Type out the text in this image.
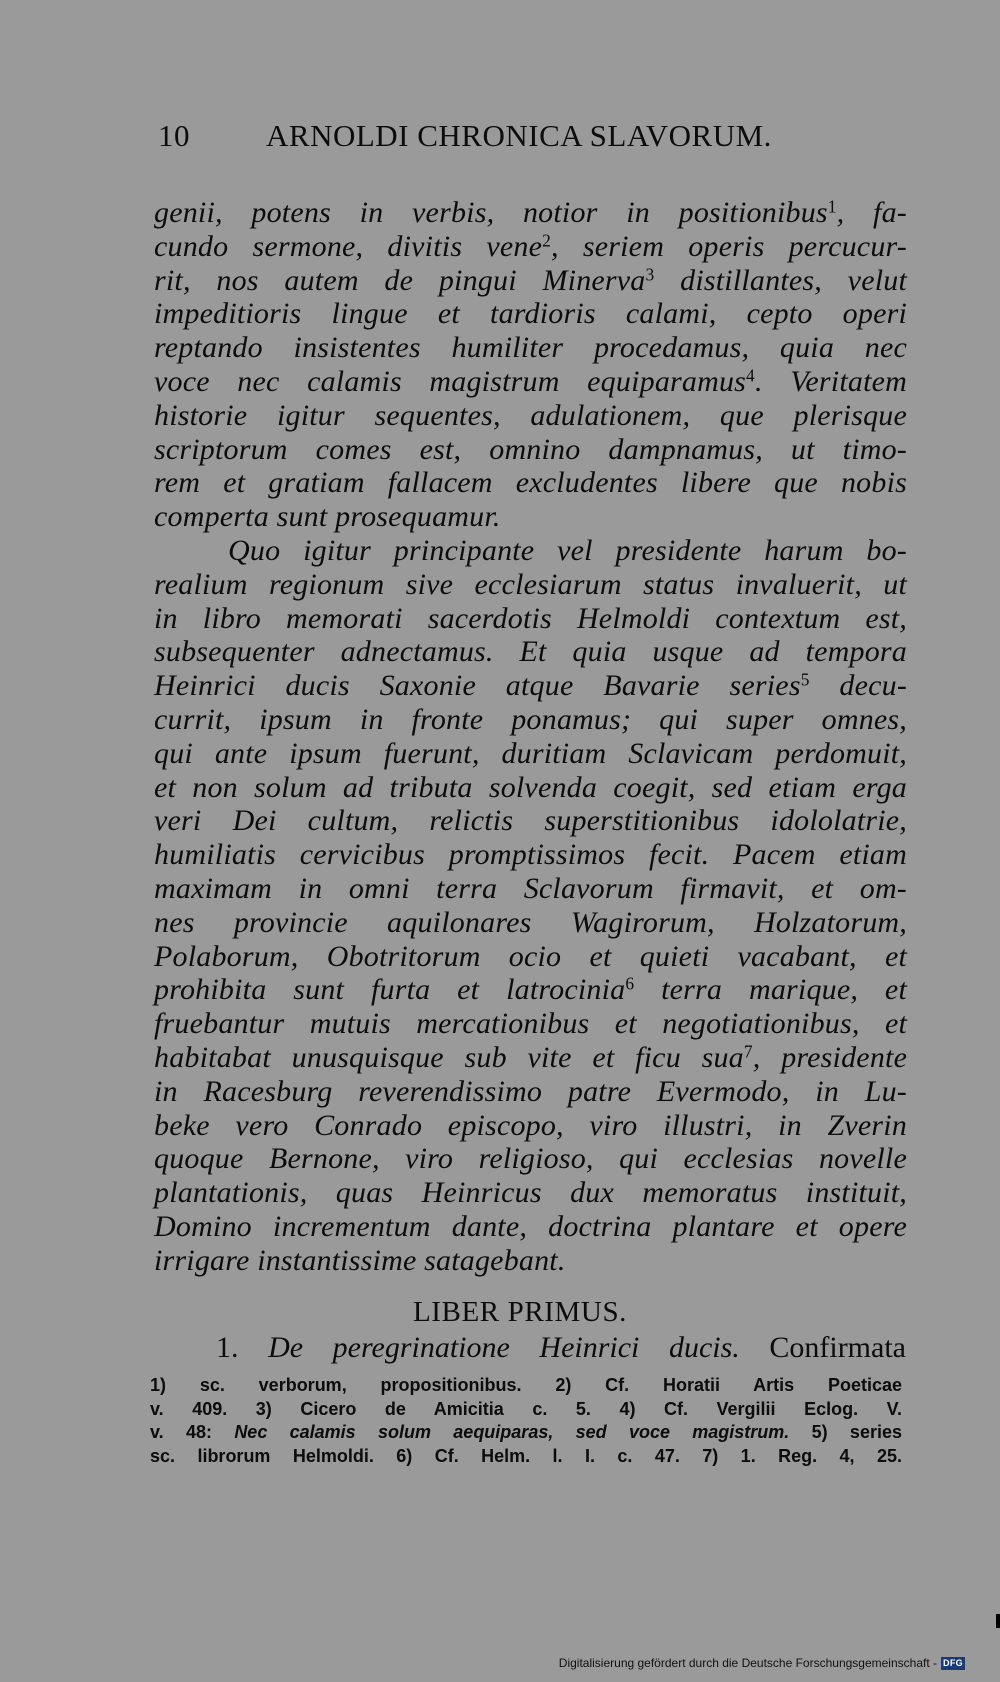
10 ARNOLDI CHRONICA SLAVORUM.
genii, potens in verbis, notior in positionibus$^1$, fa-
cundo sermone, divitis vene$^2$, seriem operis percucur-
rit, nos autem de pingui Minerva$^3$ distillantes, velut
impeditioris lingue et tardioris calami, cepto operi
reptando insistentes humiliter procedamus, quia nec
voce nec calamis magistrum equiparamus$^4$. Veritatem
historie igitur sequentes, adulationem, que plerisque
scriptorum comes est, omnino dampnamus, ut timo-
rem et gratiam fallacem excludentes libere que nobis
comperta sunt prosequamur.
Quo igitur principante vel presidente harum bo-
realium regionum sive ecclesiarum status invaluerit, ut
in libro memorati sacerdotis Helmoldi contextum est,
subsequenter adnectamus. Et quia usque ad tempora
Heinrici ducis Saxonie atque Bavarie series$^5$ decu-
currit, ipsum in fronte ponamus; qui super omnes,
qui ante ipsum fuerunt, duritiam Sclavicam perdomuit,
et non solum ad tributa solvenda coegit, sed etiam erga
veri Dei cultum, relictis superstitionibus idololatrie,
humiliatis cervicibus promptissimos fecit. Pacem etiam
maximam in omni terra Sclavorum firmavit, et om-
nes provincie aquilonares Wagirorum, Holzatorum,
Polaborum, Obotritorum ocio et quieti vacabant, et
prohibita sunt furta et latrocinia$^6$ terra marique, et
fruebantur mutuis mercationibus et negotiationibus, et
habitabat unusquisque sub vite et ficu sua$^7$, presidente
in Racesburg reverendissimo patre Evermodo, in Lu-
beke vero Conrado episcopo, viro illustri, in Zverin
quoque Bernone, viro religioso, qui ecclesias novelle
plantationis, quas Heinricus dux memoratus instituit,
Domino incrementum dante, doctrina plantare et opere
irrigare instantissime satagebant.
LIBER PRIMUS.
1. De peregrinatione Heinrici ducis. Confirmata
1) sc. verborum, propositionibus. 2) Cf. Horatii Artis Poeticae
v. 409. 3) Cicero de Amicitia c. 5. 4) Cf. Vergilii Eclog. V.
v. 48: Nec calamis solum aequiparas, sed voce magistrum. 5) series
sc. librorum Helmoldi. 6) Cf. Helm. l. I. c. 47. 7) 1. Reg. 4, 25.
Digitalisierung gefördert durch die Deutsche Forschungsgemeinschaft - DFG
